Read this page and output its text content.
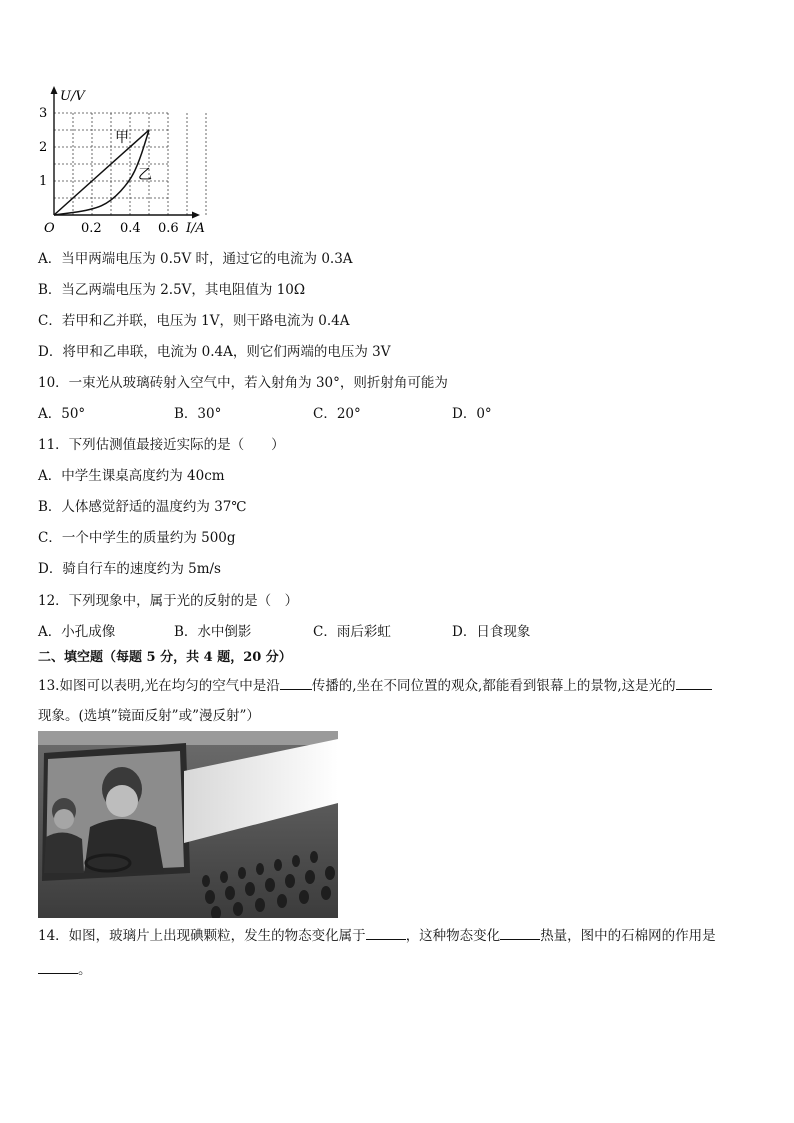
U/V
I/A
O
1
2
3
0.2 0.4 0.6
甲
乙
A．当甲两端电压为 0.5V 时，通过它的电流为 0.3A
B．当乙两端电压为 2.5V，其电阻值为 10Ω
C．若甲和乙并联，电压为 1V，则干路电流为 0.4A
D．将甲和乙串联，电流为 0.4A，则它们两端的电压为 3V
10．一束光从玻璃砖射入空气中，若入射角为 30°，则折射角可能为
A．50°	B．30°	C．20°	D．0°
11．下列估测值最接近实际的是（　　）
A．中学生课桌高度约为 40cm
B．人体感觉舒适的温度约为 37℃
C．一个中学生的质量约为 500g
D．骑自行车的速度约为 5m/s
12．下列现象中，属于光的反射的是（　）
A．小孔成像	B．水中倒影	C．雨后彩虹	D．日食现象
二、填空题（每题 5 分，共 4 题，20 分）
13.如图可以表明,光在均匀的空气中是沿 传播的,坐在不同位置的观众,都能看到银幕上的景物,这是光的
现象。(选填”镜面反射”或”漫反射”）
14．如图，玻璃片上出现碘颗粒，发生的物态变化属于	，这种物态变化	热量，图中的石棉网的作用是
。
